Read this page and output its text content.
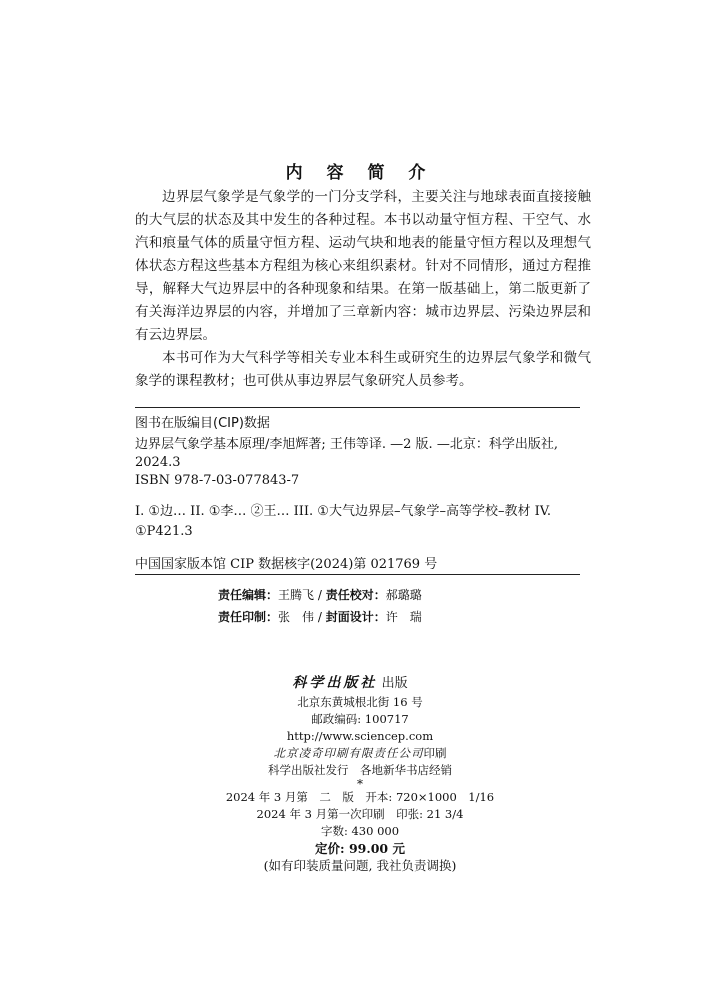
内 容 简 介

边界层气象学是气象学的一门分支学科，主要关注与地球表面直接接触的大气层的状态及其中发生的各种过程。本书以动量守恒方程、干空气、水汽和痕量气体的质量守恒方程、运动气块和地表的能量守恒方程以及理想气体状态方程这些基本方程组为核心来组织素材。针对不同情形，通过方程推导，解释大气边界层中的各种现象和结果。在第一版基础上，第二版更新了有关海洋边界层的内容，并增加了三章新内容：城市边界层、污染边界层和有云边界层。

本书可作为大气科学等相关专业本科生或研究生的边界层气象学和微气象学的课程教材；也可供从事边界层气象研究人员参考。

图书在版编目(CIP)数据
边界层气象学基本原理/李旭辉著; 王伟等译. —2 版. —北京：科学出版社,
2024.3
ISBN 978-7-03-077843-7
I. ①边… II. ①李… ②王… III. ①大气边界层–气象学–高等学校–教材 IV. ①P421.3
中国国家版本馆 CIP 数据核字(2024)第 021769 号
责任编辑：王腾飞 / 责任校对：郝璐璐
责任印制：张　伟 / 封面设计：许　瑞
科学出版社 出版
北京东黄城根北街 16 号
邮政编码: 100717
http://www.sciencep.com
北京凌奇印刷有限责任公司印刷
科学出版社发行　各地新华书店经销
*
2024 年 3 月第　二　版　开本: 720×1000　1/16
2024 年 3 月第一次印刷　印张: 21 3/4
字数: 430 000
定价: 99.00 元
(如有印装质量问题, 我社负责调换)
